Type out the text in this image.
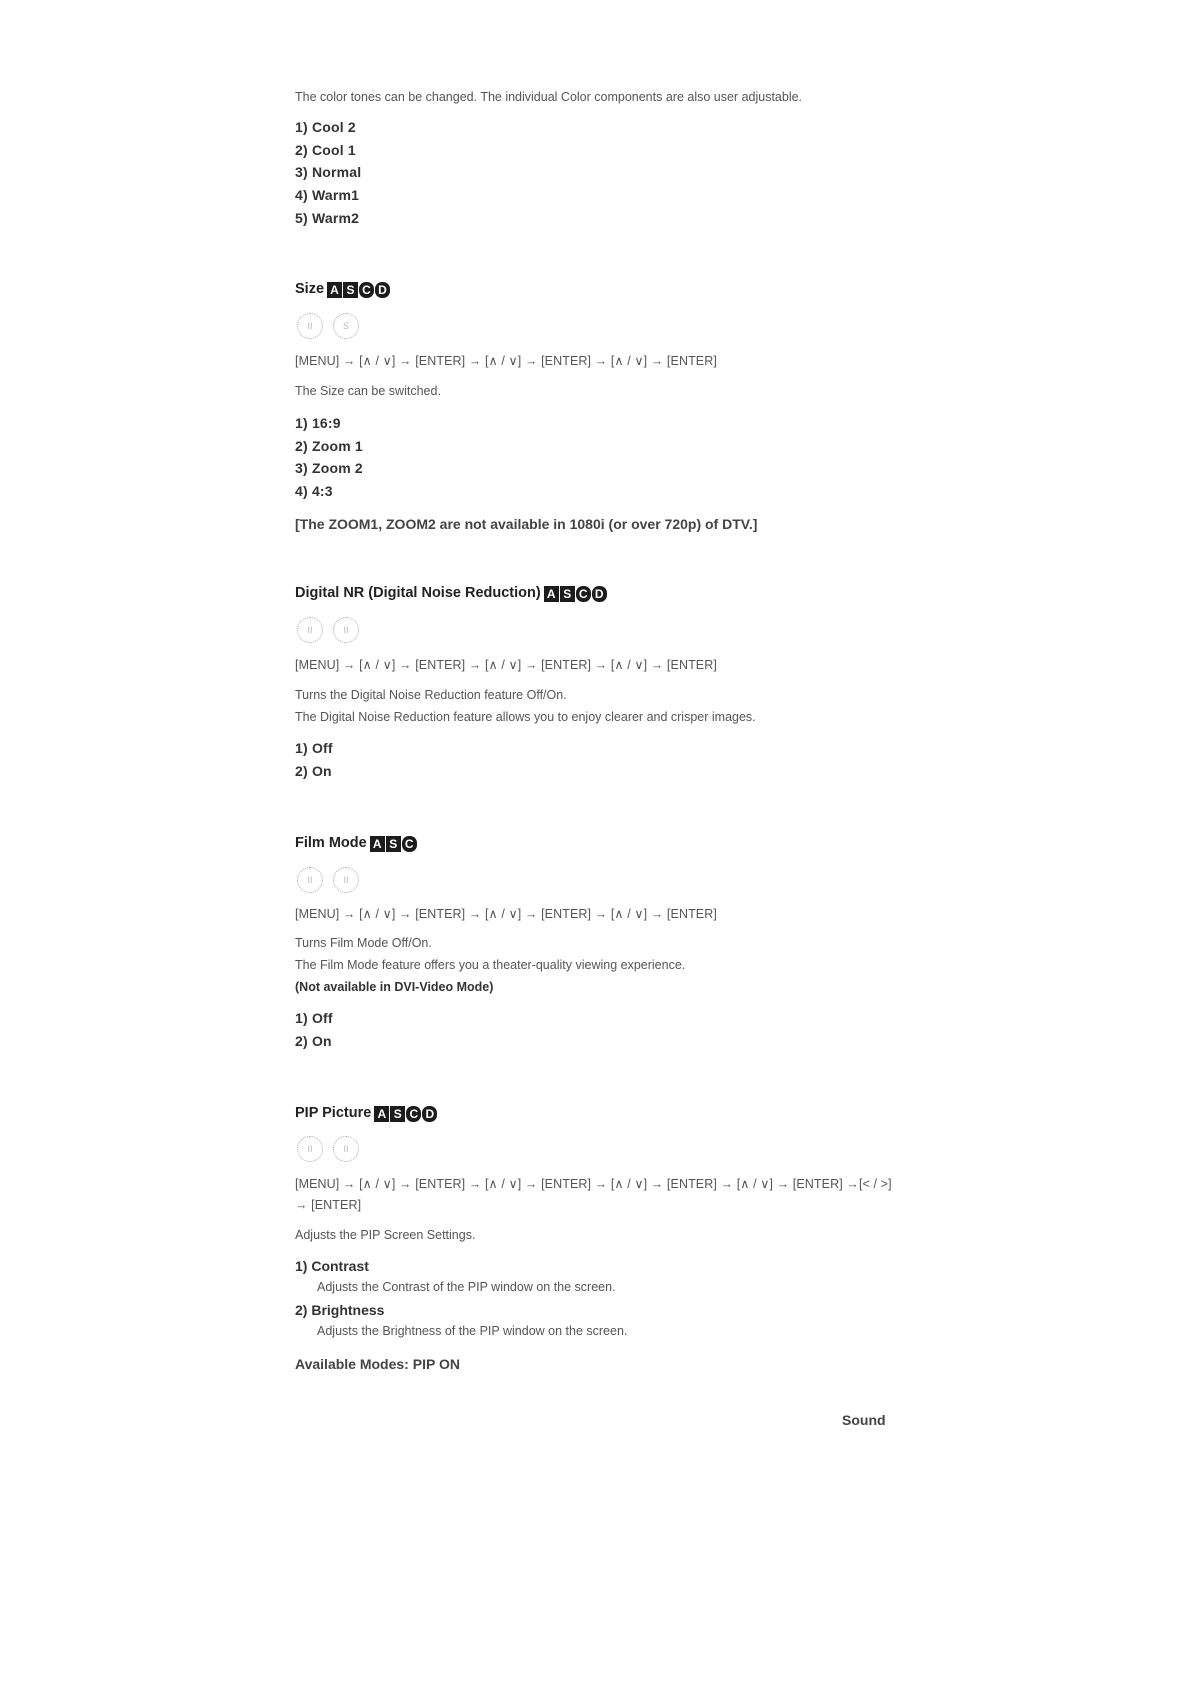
The color tones can be changed. The individual Color components are also user adjustable.
1) Cool 2
2) Cool 1
3) Normal
4) Warm1
5) Warm2
Size A S C D
II	S
[MENU] → [∧ / ∨] → [ENTER] → [∧ / ∨] → [ENTER] → [∧ / ∨] → [ENTER]
The Size can be switched.
1) 16:9
2) Zoom 1
3) Zoom 2
4) 4:3
[The ZOOM1, ZOOM2 are not available in 1080i (or over 720p) of DTV.]
Digital NR (Digital Noise Reduction) A S C D
II	II
[MENU] → [∧ / ∨] → [ENTER] → [∧ / ∨] → [ENTER] → [∧ / ∨] → [ENTER]
Turns the Digital Noise Reduction feature Off/On.
The Digital Noise Reduction feature allows you to enjoy clearer and crisper images.
1) Off
2) On
Film Mode A S C
II	II
[MENU] → [∧ / ∨] → [ENTER] → [∧ / ∨] → [ENTER] → [∧ / ∨] → [ENTER]
Turns Film Mode Off/On.
The Film Mode feature offers you a theater-quality viewing experience.
(Not available in DVI-Video Mode)
1) Off
2) On
PIP Picture A S C D
II	II
[MENU] → [∧ / ∨] → [ENTER] → [∧ / ∨] → [ENTER] → [∧ / ∨] → [ENTER] → [∧ / ∨] → [ENTER] →[< / >]
→ [ENTER]
Adjusts the PIP Screen Settings.
1) Contrast
Adjusts the Contrast of the PIP window on the screen.
2) Brightness
Adjusts the Brightness of the PIP window on the screen.
Available Modes: PIP ON
Sound
